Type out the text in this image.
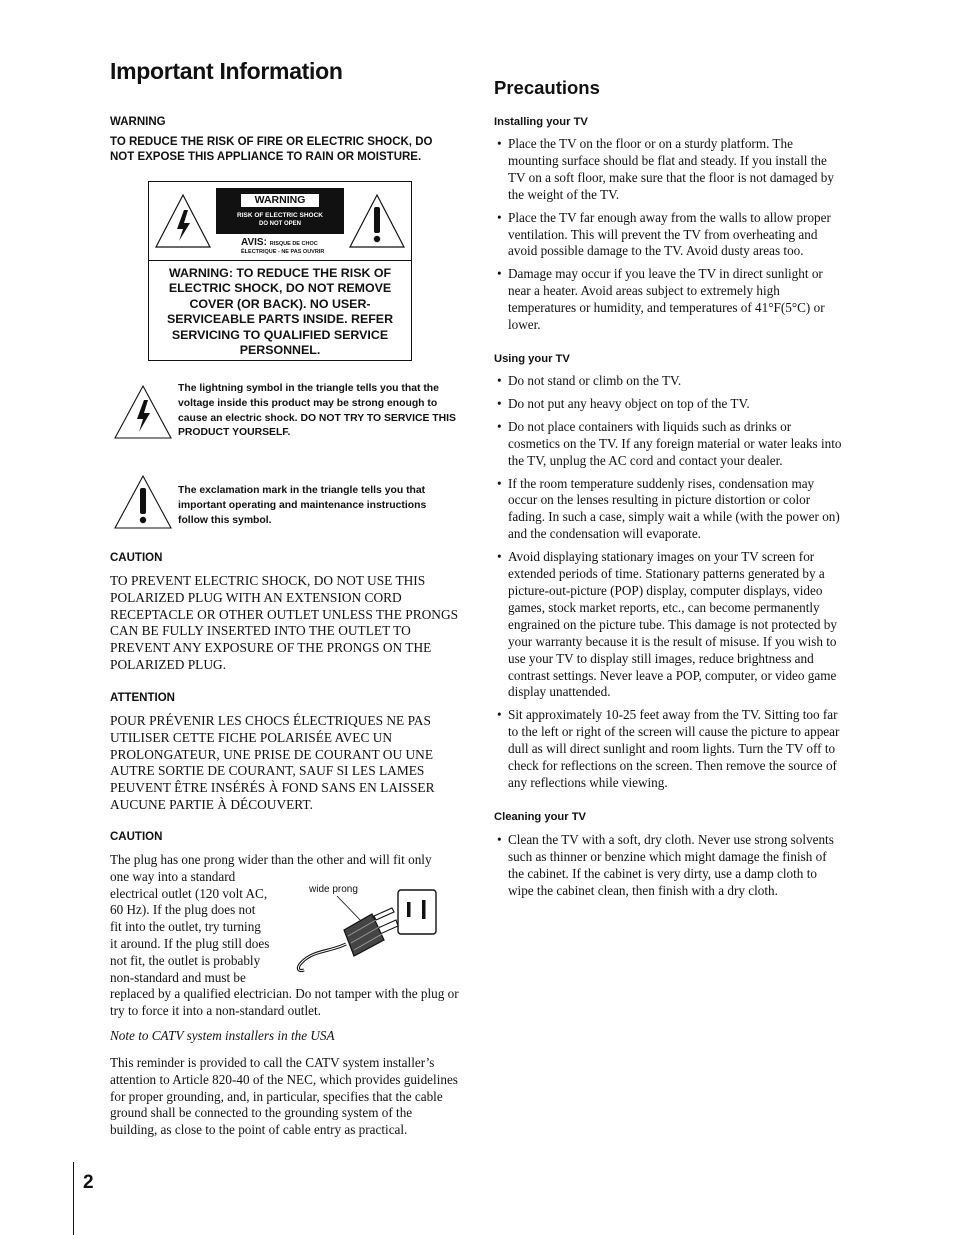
Important Information

WARNING

TO REDUCE THE RISK OF FIRE OR ELECTRIC SHOCK, DO NOT EXPOSE THIS APPLIANCE TO RAIN OR MOISTURE.

WARNING
RISK OF ELECTRIC SHOCK
DO NOT OPEN
AVIS: RISQUE DE CHOC
ÉLECTRIQUE - NE PAS OUVRIR
WARNING: TO REDUCE THE RISK OF ELECTRIC SHOCK, DO NOT REMOVE COVER (OR BACK). NO USER-SERVICEABLE PARTS INSIDE. REFER SERVICING TO QUALIFIED SERVICE PERSONNEL.

The lightning symbol in the triangle tells you that the voltage inside this product may be strong enough to cause an electric shock. DO NOT TRY TO SERVICE THIS PRODUCT YOURSELF.

The exclamation mark in the triangle tells you that important operating and maintenance instructions follow this symbol.

CAUTION

TO PREVENT ELECTRIC SHOCK, DO NOT USE THIS POLARIZED PLUG WITH AN EXTENSION CORD RECEPTACLE OR OTHER OUTLET UNLESS THE PRONGS CAN BE FULLY INSERTED INTO THE OUTLET TO PREVENT ANY EXPOSURE OF THE PRONGS ON THE POLARIZED PLUG.

ATTENTION

POUR PRÉVENIR LES CHOCS ÉLECTRIQUES NE PAS UTILISER CETTE FICHE POLARISÉE AVEC UN PROLONGATEUR, UNE PRISE DE COURANT OU UNE AUTRE SORTIE DE COURANT, SAUF SI LES LAMES PEUVENT ÊTRE INSÉRÉS À FOND SANS EN LAISSER AUCUNE PARTIE À DÉCOUVERT.

CAUTION

The plug has one prong wider than the other and will fit only
one way into a standard
electrical outlet (120 volt AC,
60 Hz). If the plug does not
fit into the outlet, try turning
it around. If the plug still does
not fit, the outlet is probably
non-standard and must be
replaced by a qualified electrician. Do not tamper with the plug or try to force it into a non-standard outlet.
wide prong

Note to CATV system installers in the USA

This reminder is provided to call the CATV system installer’s attention to Article 820-40 of the NEC, which provides guidelines for proper grounding, and, in particular, specifies that the cable ground shall be connected to the grounding system of the building, as close to the point of cable entry as practical.

2
Precautions

Installing your TV

• Place the TV on the floor or on a sturdy platform. The mounting surface should be flat and steady. If you install the TV on a soft floor, make sure that the floor is not damaged by the weight of the TV.
• Place the TV far enough away from the walls to allow proper ventilation. This will prevent the TV from overheating and avoid possible damage to the TV. Avoid dusty areas too.
• Damage may occur if you leave the TV in direct sunlight or near a heater. Avoid areas subject to extremely high temperatures or humidity, and temperatures of 41°F(5°C) or lower.

Using your TV

• Do not stand or climb on the TV.
• Do not put any heavy object on top of the TV.
• Do not place containers with liquids such as drinks or cosmetics on the TV. If any foreign material or water leaks into the TV, unplug the AC cord and contact your dealer.
• If the room temperature suddenly rises, condensation may occur on the lenses resulting in picture distortion or color fading. In such a case, simply wait a while (with the power on) and the condensation will evaporate.
• Avoid displaying stationary images on your TV screen for extended periods of time. Stationary patterns generated by a picture-out-picture (POP) display, computer displays, video games, stock market reports, etc., can become permanently engrained on the picture tube. This damage is not protected by your warranty because it is the result of misuse. If you wish to use your TV to display still images, reduce brightness and contrast settings. Never leave a POP, computer, or video game display unattended.
• Sit approximately 10-25 feet away from the TV. Sitting too far to the left or right of the screen will cause the picture to appear dull as will direct sunlight and room lights. Turn the TV off to check for reflections on the screen. Then remove the source of any reflections while viewing.

Cleaning your TV

• Clean the TV with a soft, dry cloth. Never use strong solvents such as thinner or benzine which might damage the finish of the cabinet. If the cabinet is very dirty, use a damp cloth to wipe the cabinet clean, then finish with a dry cloth.
